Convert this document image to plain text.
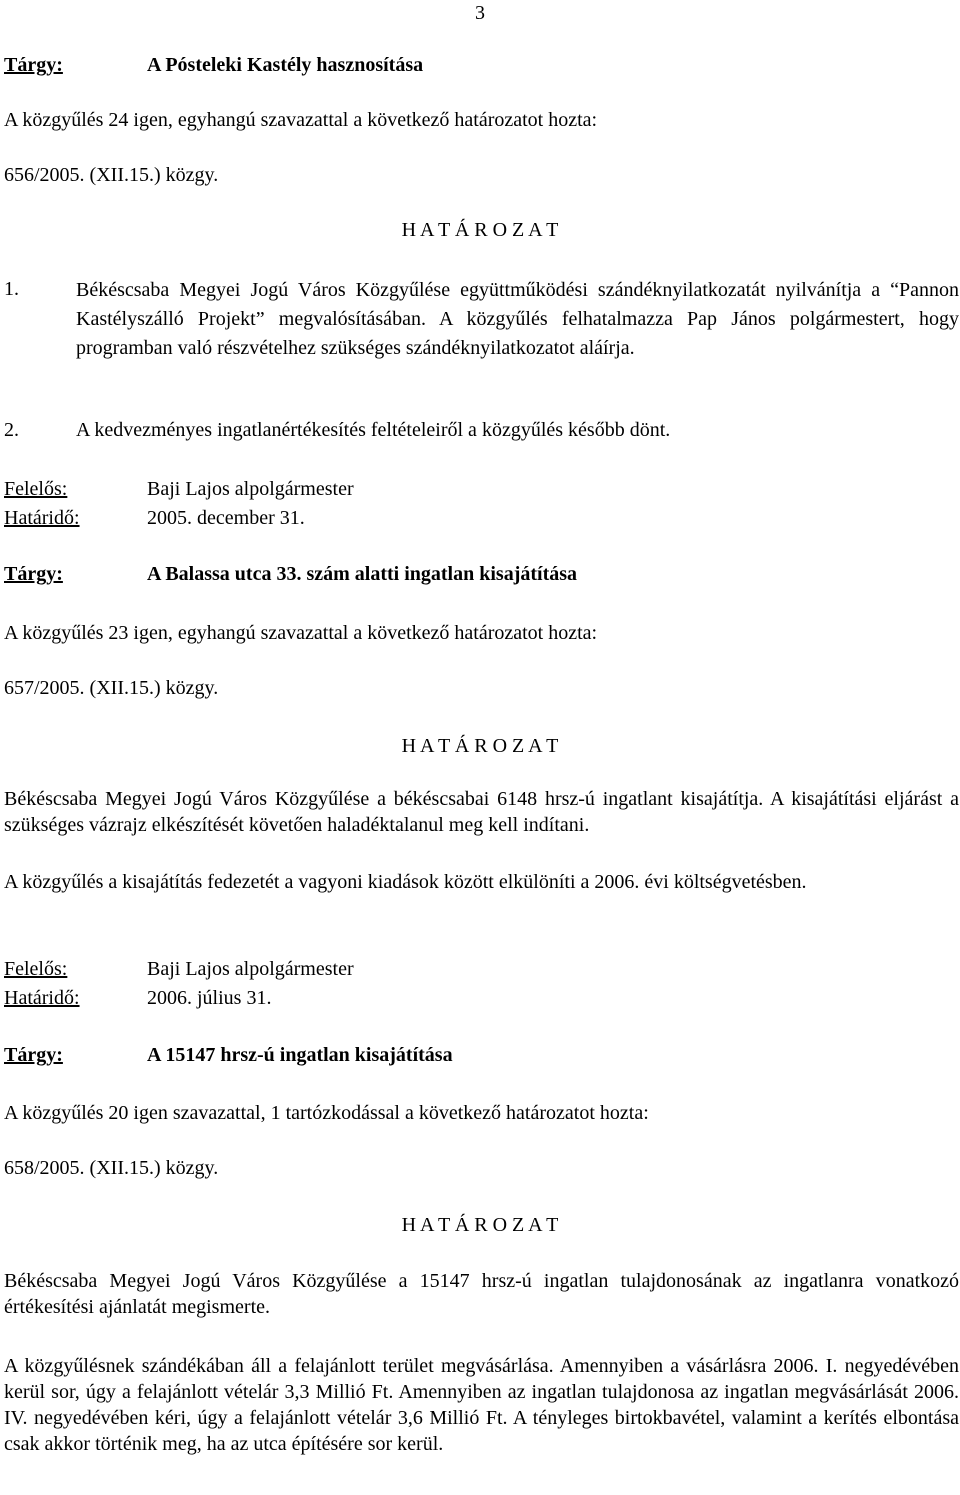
3
Tárgy:	A Pósteleki Kastély hasznosítása
A közgyűlés 24 igen, egyhangú szavazattal a következő határozatot hozta:
656/2005. (XII.15.) közgy.
H A T Á R O Z A T
1.	Békéscsaba Megyei Jogú Város Közgyűlése együttműködési szándéknyilatkozatát nyilvánítja a “Pannon Kastélyszálló Projekt” megvalósításában. A közgyűlés felhatalmazza Pap János polgármestert, hogy programban való részvételhez szükséges szándéknyilatkozatot aláírja.
2.	A kedvezményes ingatlanértékesítés feltételeiről a közgyűlés később dönt.
Felelős:	Baji Lajos alpolgármester
Határidő:	2005. december 31.
Tárgy:	A Balassa utca 33. szám alatti ingatlan kisajátítása
A közgyűlés 23 igen, egyhangú szavazattal a következő határozatot hozta:
657/2005. (XII.15.) közgy.
H A T Á R O Z A T
Békéscsaba Megyei Jogú Város Közgyűlése a békéscsabai 6148 hrsz-ú ingatlant kisajátítja. A kisajátítási eljárást a szükséges vázrajz elkészítését követően haladéktalanul meg kell indítani.
A közgyűlés a kisajátítás fedezetét a vagyoni kiadások között elkülöníti a 2006. évi költségvetésben.
Felelős:	Baji Lajos alpolgármester
Határidő:	2006. július 31.
Tárgy:	A 15147 hrsz-ú ingatlan kisajátítása
A közgyűlés 20 igen szavazattal, 1 tartózkodással a következő határozatot hozta:
658/2005. (XII.15.) közgy.
H A T Á R O Z A T
Békéscsaba Megyei Jogú Város Közgyűlése a 15147 hrsz-ú ingatlan tulajdonosának az ingatlanra vonatkozó értékesítési ajánlatát megismerte.
A közgyűlésnek szándékában áll a felajánlott terület megvásárlása. Amennyiben a vásárlásra 2006. I. negyedévében kerül sor, úgy a felajánlott vételár 3,3 Millió Ft. Amennyiben az ingatlan tulajdonosa az ingatlan megvásárlását 2006. IV. negyedévében kéri, úgy a felajánlott vételár 3,6 Millió Ft. A tényleges birtokbavétel, valamint a kerítés elbontása csak akkor történik meg, ha az utca építésére sor kerül.
